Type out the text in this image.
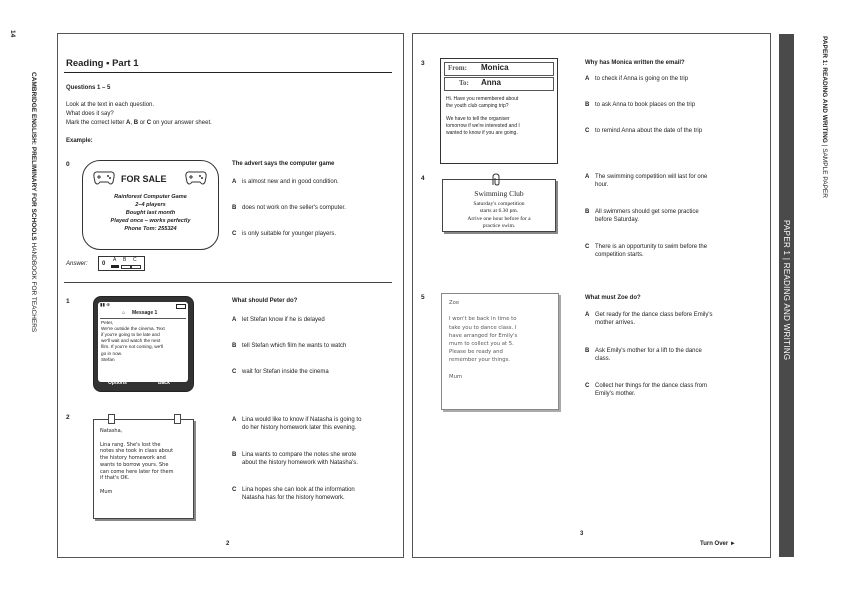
14
CAMBRIDGE ENGLISH: PRELIMINARY FOR SCHOOLS HANDBOOK FOR TEACHERS
PAPER 1: READING AND WRITING | SAMPLE PAPER
PAPER 1 | READING AND WRITING
Reading • Part 1
Questions 1 – 5
Look at the text in each question.
What does it say?
Mark the correct letter A, B or C on your answer sheet.
Example:
0
FOR SALE
Rainforest Computer Game
2–4 players
Bought last month
Played once – works perfectly
Phone Tom: 255324
The advert says the computer game
A is almost new and in good condition.
B does not work on the seller's computer.
C is only suitable for younger players.
Answer: 0
A B C
1	▮▮ ⊕
⌂ Message 1
Peter,
We're outside the cinema. Text
if you're going to be late and
we'll wait and watch the next
film. If you're not coming, we'll
go in now.
Stefan
Options	Back
What should Peter do?
A let Stefan know if he is delayed
B tell Stefan which film he wants to watch
C wait for Stefan inside the cinema
2
Natasha,

Lina rang. She's lost the
notes she took in class about
the history homework and
wants to borrow yours. She
can come here later for them
if that's OK.

Mum
A Lina would like to know if Natasha is going to
do her history homework later this evening.
B Lina wants to compare the notes she wrote
about the history homework with Natasha's.
C Lina hopes she can look at the information
Natasha has for the history homework.
2
3
From: Monica
To: Anna
Hi. Have you remembered about
the youth club camping trip?

We have to tell the organiser
tomorrow if we're interested and I
wanted to know if you are going.
Why has Monica written the email?
A to check if Anna is going on the trip
B to ask Anna to book places on the trip
C to remind Anna about the date of the trip
4
Swimming Club
Saturday's competition
starts at 6.30 pm.
Arrive one hour before for a
practice swim.
A The swimming competition will last for one
hour.
B All swimmers should get some practice
before Saturday.
C There is an opportunity to swim before the
competition starts.
5
Zoe

I won't be back in time to
take you to dance class. I
have arranged for Emily's
mum to collect you at 5.
Please be ready and
remember your things.

Mum
What must Zoe do?
A Get ready for the dance class before Emily's
mother arrives.
B Ask Emily's mother for a lift to the dance
class.
C Collect her things for the dance class from
Emily's mother.
3
Turn Over ►
